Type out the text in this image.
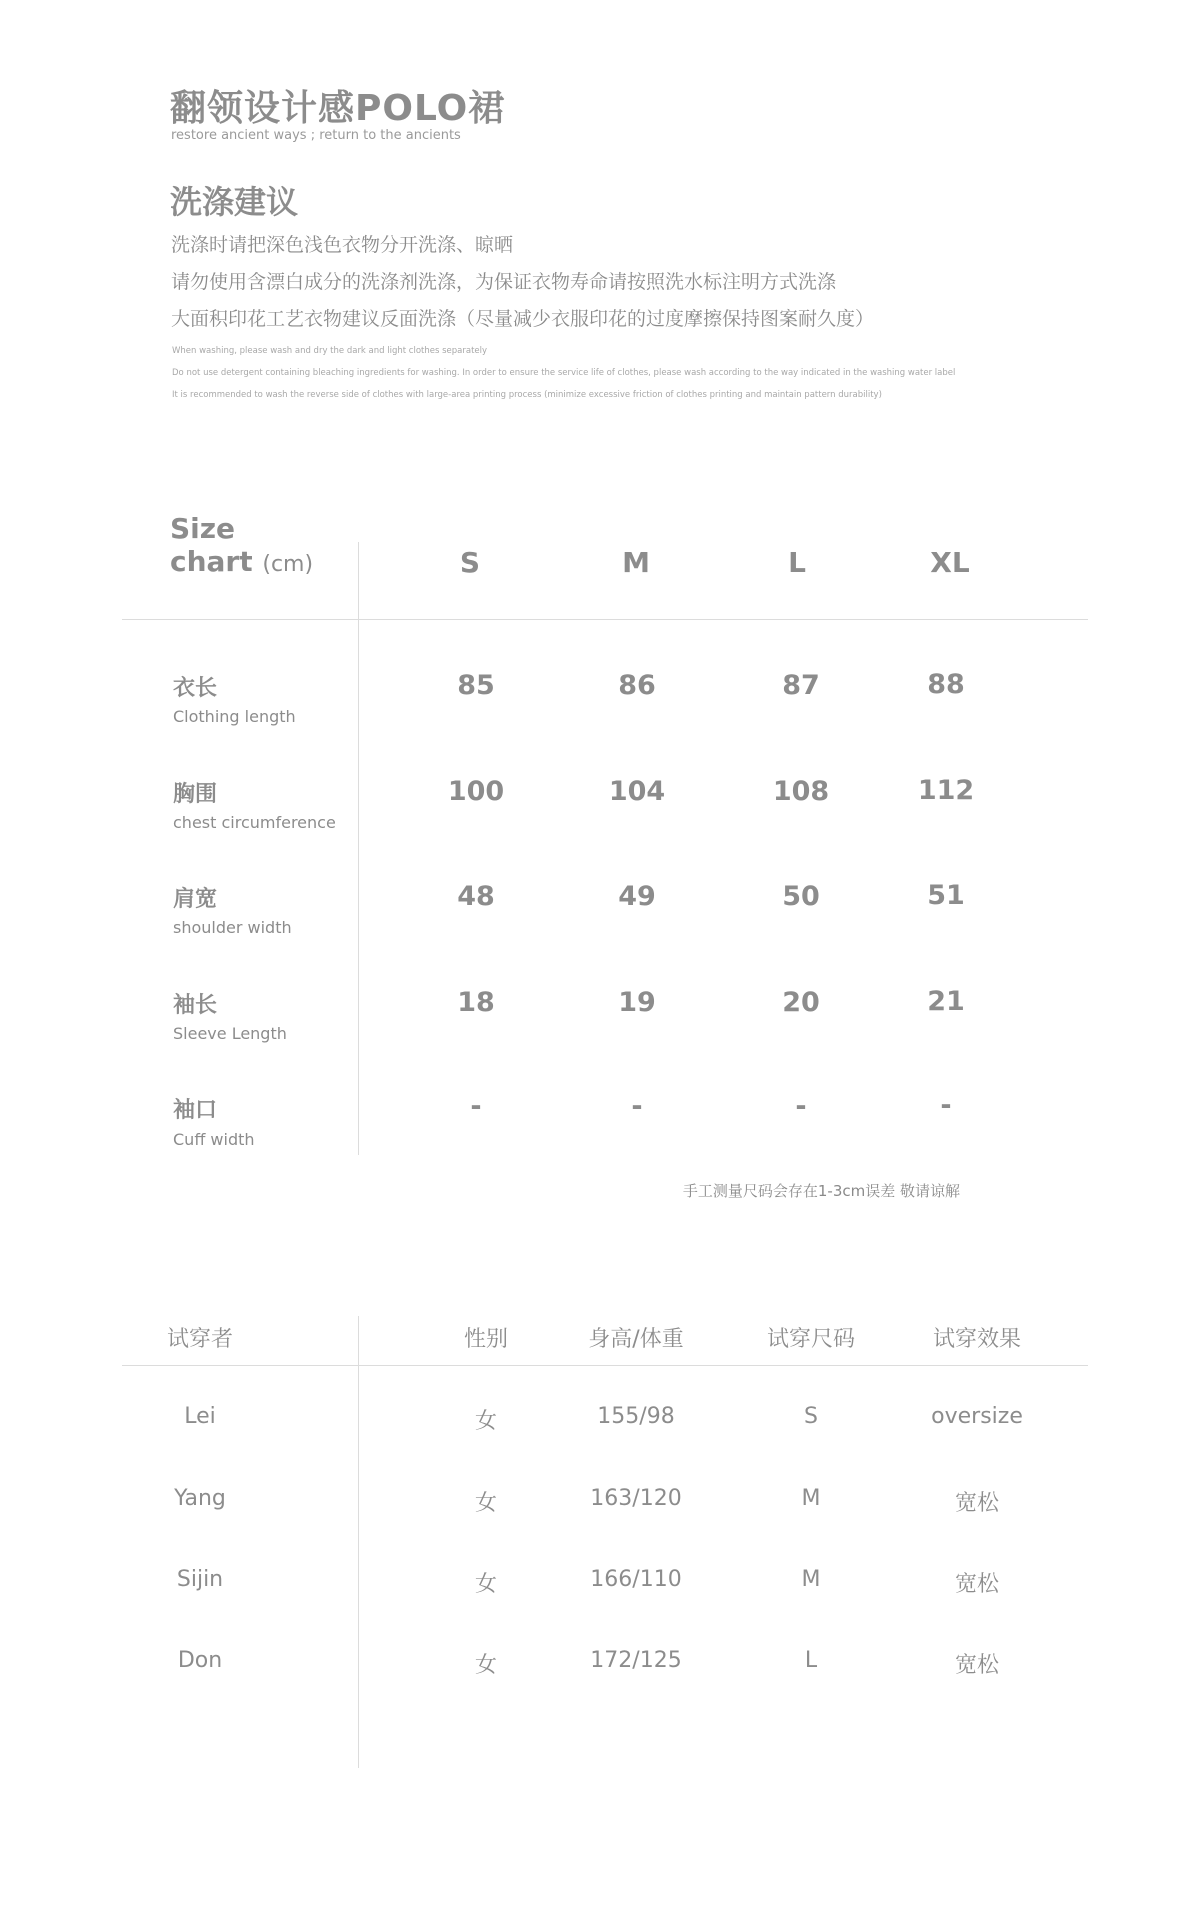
翻领设计感POLO裙
restore ancient ways ; return to the ancients
洗涤建议
洗涤时请把深色浅色衣物分开洗涤、晾晒
请勿使用含漂白成分的洗涤剂洗涤，为保证衣物寿命请按照洗水标注明方式洗涤
大面积印花工艺衣物建议反面洗涤（尽量减少衣服印花的过度摩擦保持图案耐久度）
When washing, please wash and dry the dark and light clothes separately
Do not use detergent containing bleaching ingredients for washing. In order to ensure the service life of clothes, please wash according to the way indicated in the washing water label
It is recommended to wash the reverse side of clothes with large-area printing process (minimize excessive friction of clothes printing and maintain pattern durability)
Size
chart (cm)	S	M	L	XL
衣长
Clothing length
85	86	87	88
胸围
chest circumference
100	104	108	112
肩宽
shoulder width
48	49	50	51
袖长
Sleeve Length
18	19	20	21
袖口
Cuff width
-	-	-	-
手工测量尺码会存在1-3cm误差 敬请谅解
试穿者	性别	身高/体重	试穿尺码	试穿效果
Lei	女	155/98	S	oversize
Yang	女	163/120	M	宽松
Sijin	女	166/110	M	宽松
Don	女	172/125	L	宽松
